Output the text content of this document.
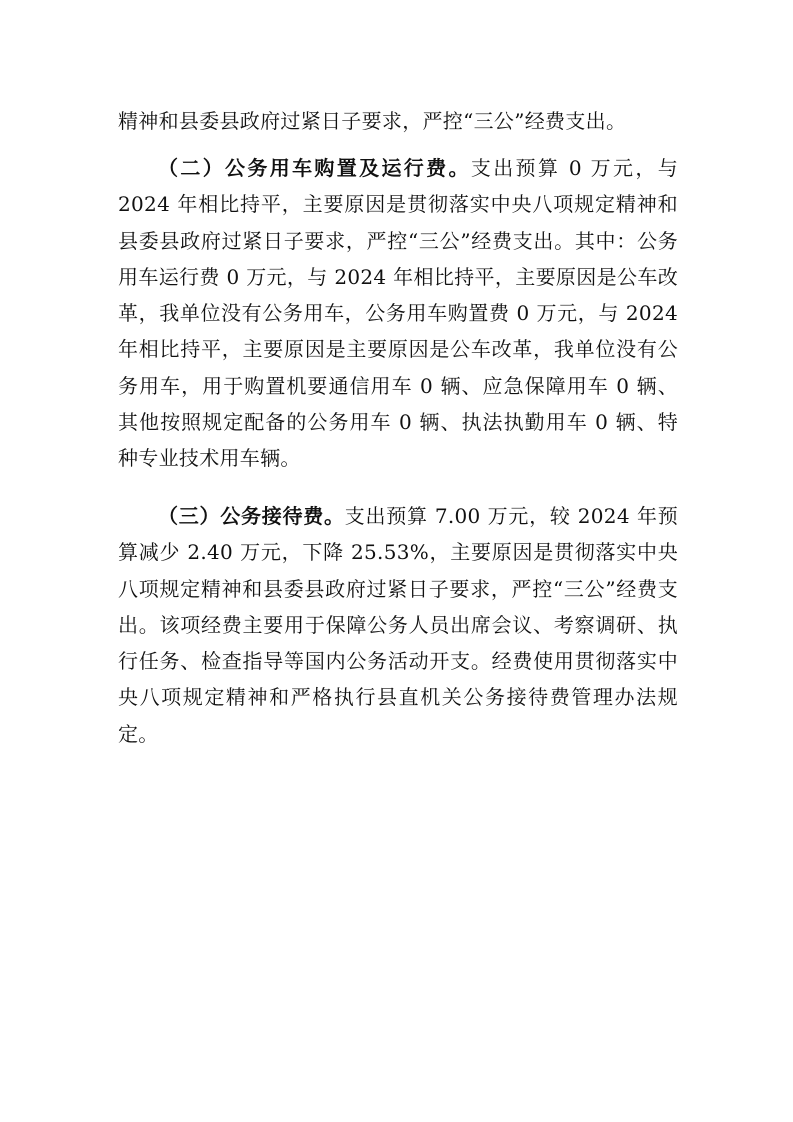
精神和县委县政府过紧日子要求，严控“三公”经费支出。

（二）公务用车购置及运行费。支出预算 0 万元，与 2024 年相比持平，主要原因是贯彻落实中央八项规定精神和县委县政府过紧日子要求，严控“三公”经费支出。其中：公务用车运行费 0 万元，与 2024 年相比持平，主要原因是公车改革，我单位没有公务用车，公务用车购置费 0 万元，与 2024 年相比持平，主要原因是主要原因是公车改革，我单位没有公务用车，用于购置机要通信用车 0 辆、应急保障用车 0 辆、其他按照规定配备的公务用车 0 辆、执法执勤用车 0 辆、特种专业技术用车辆。

（三）公务接待费。支出预算 7.00 万元，较 2024 年预算减少 2.40 万元，下降 25.53%，主要原因是贯彻落实中央八项规定精神和县委县政府过紧日子要求，严控“三公”经费支出。该项经费主要用于保障公务人员出席会议、考察调研、执行任务、检查指导等国内公务活动开支。经费使用贯彻落实中央八项规定精神和严格执行县直机关公务接待费管理办法规定。
